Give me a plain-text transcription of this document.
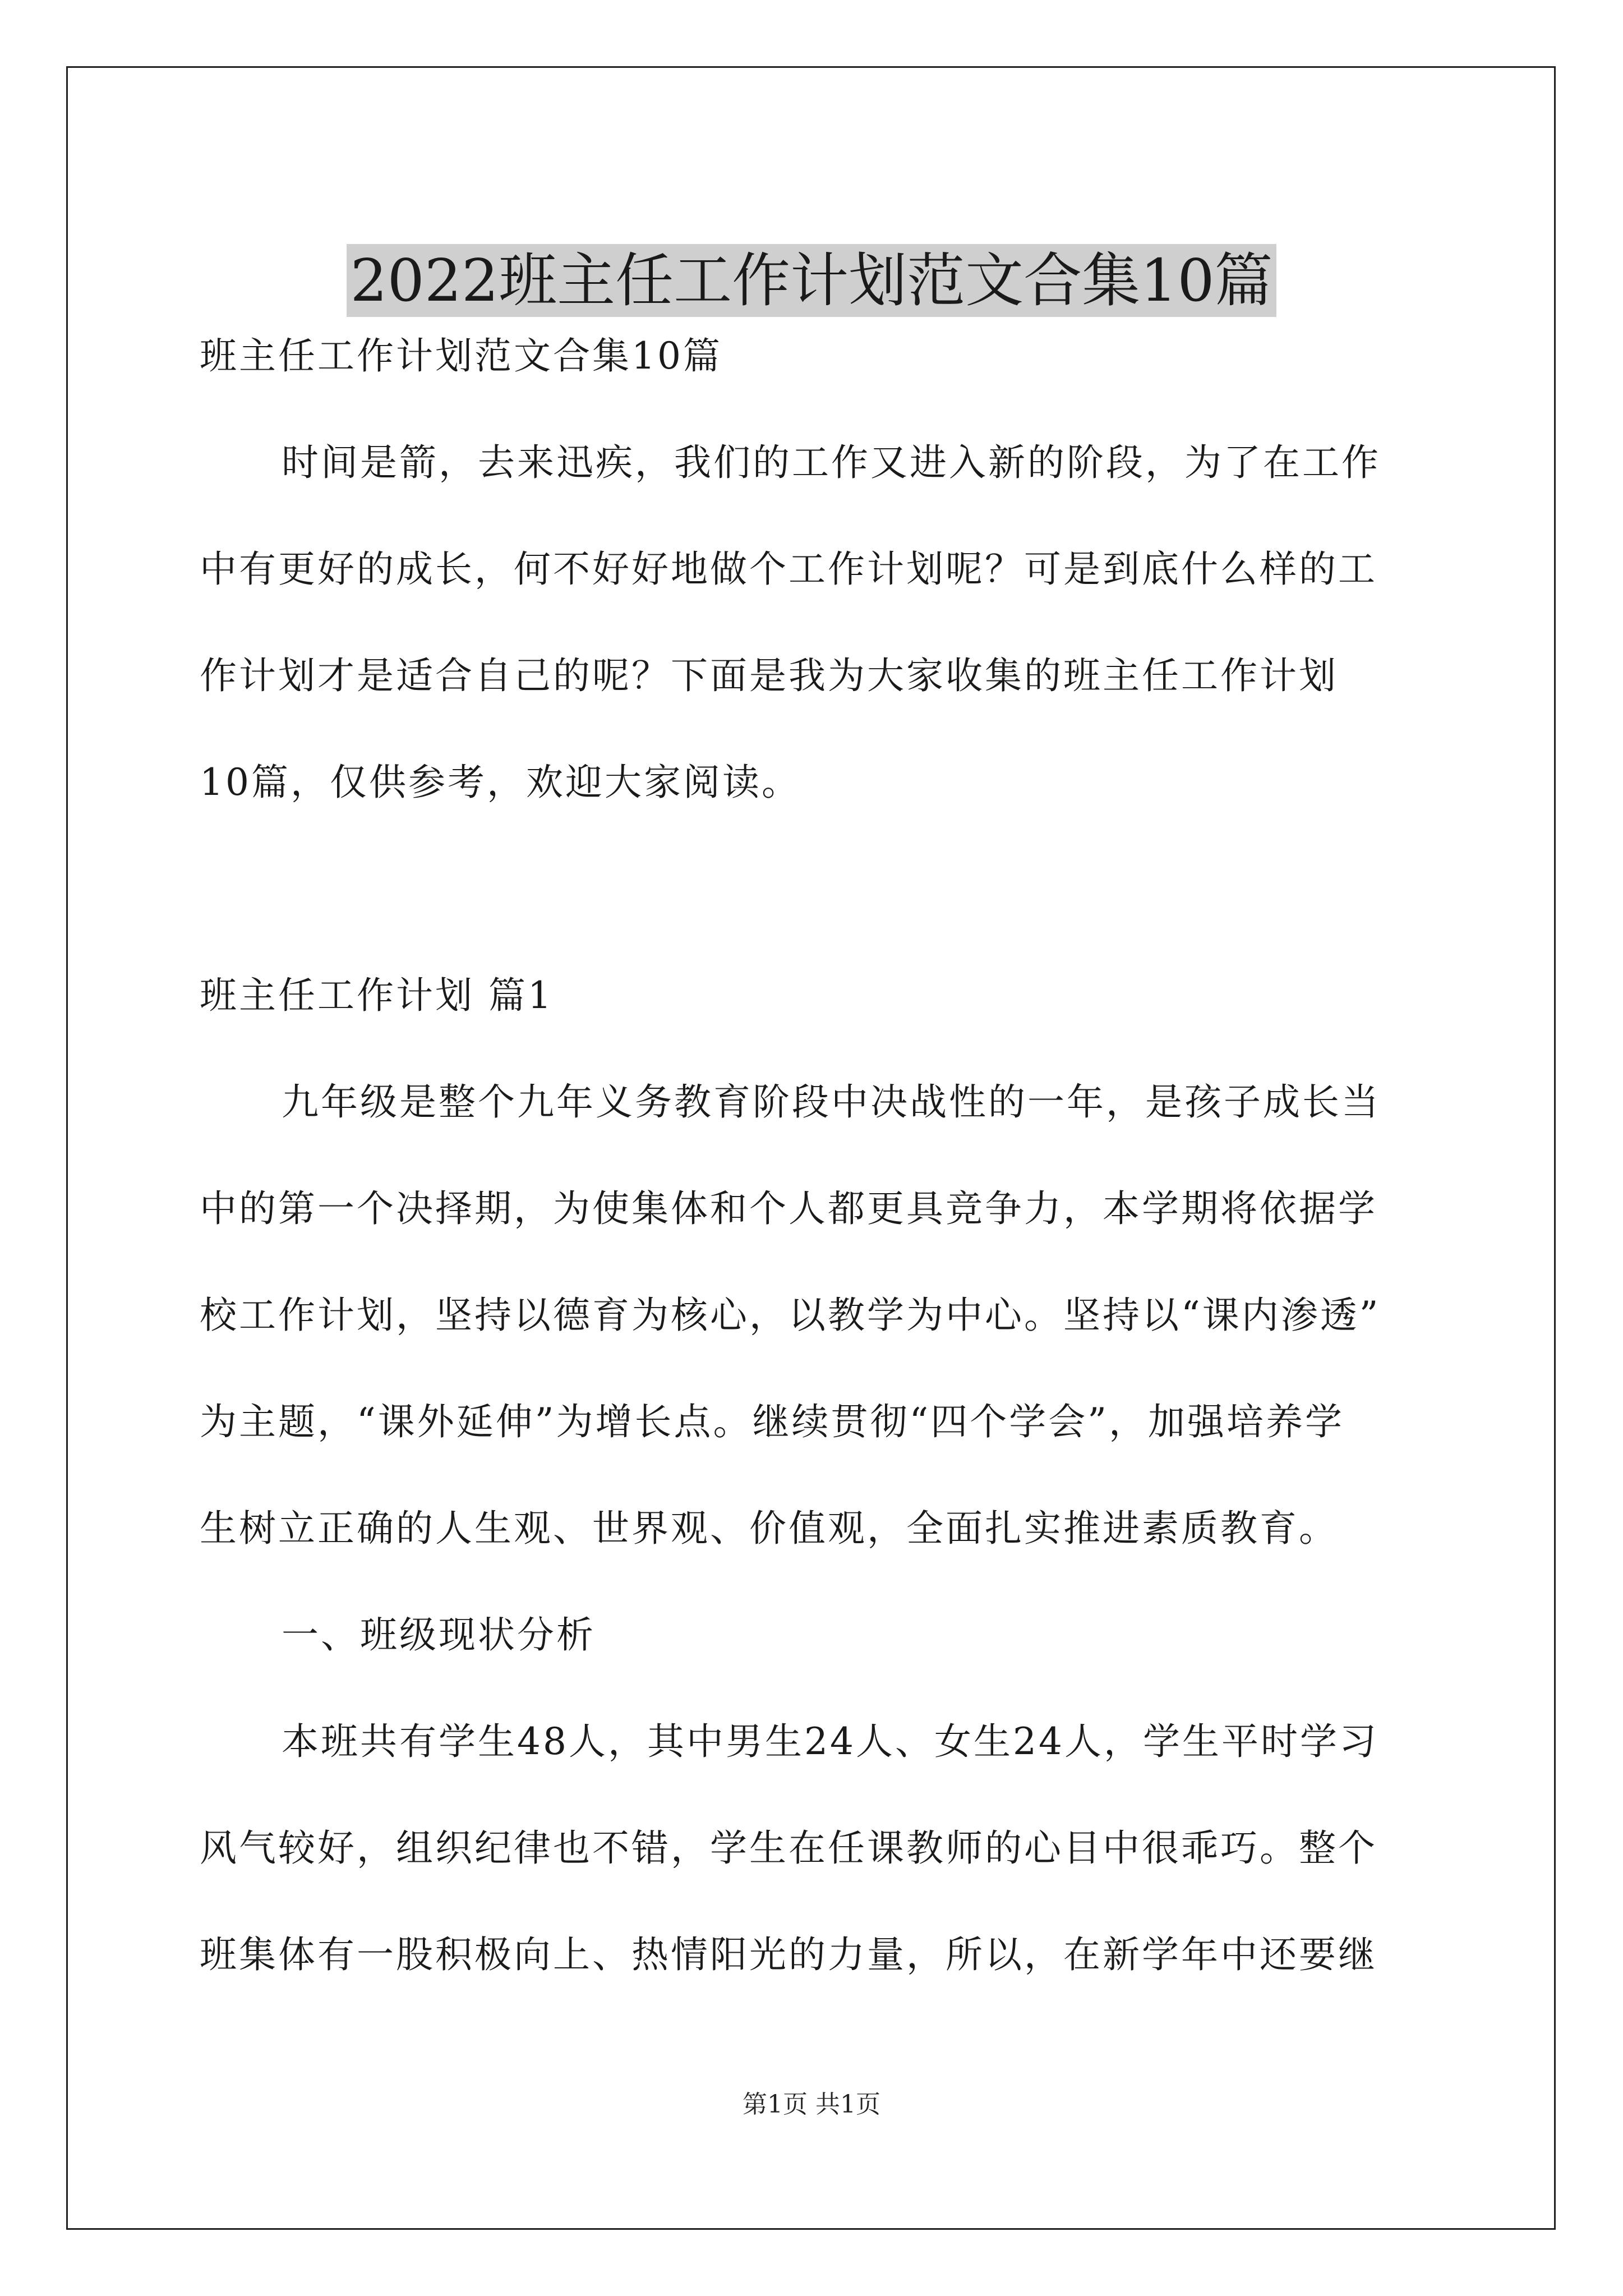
2022班主任工作计划范文合集10篇

班主任工作计划范文合集10篇

时间是箭，去来迅疾，我们的工作又进入新的阶段，为了在工作

中有更好的成长，何不好好地做个工作计划呢？可是到底什么样的工

作计划才是适合自己的呢？下面是我为大家收集的班主任工作计划

10篇，仅供参考，欢迎大家阅读。

班主任工作计划 篇1

九年级是整个九年义务教育阶段中决战性的一年，是孩子成长当

中的第一个决择期，为使集体和个人都更具竞争力，本学期将依据学

校工作计划，坚持以德育为核心，以教学为中心。坚持以“课内渗透”

为主题，“课外延伸”为增长点。继续贯彻“四个学会”，加强培养学

生树立正确的人生观、世界观、价值观，全面扎实推进素质教育。

一、班级现状分析

本班共有学生48人，其中男生24人、女生24人，学生平时学习

风气较好，组织纪律也不错，学生在任课教师的心目中很乖巧。整个

班集体有一股积极向上、热情阳光的力量，所以，在新学年中还要继

第1页 共1页
